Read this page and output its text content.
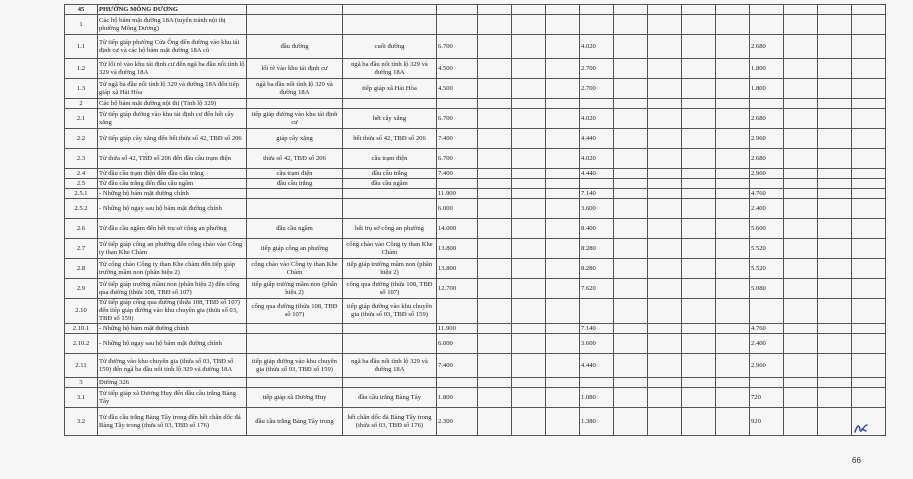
45	PHƯỜNG MÔNG DƯƠNG															
1	Các hộ bám mặt đường 18A (tuyến tránh nội thị phường Mông Dương)															
1.1	Từ tiếp giáp phường Cửa Ông đến đường vào khu tái định cư và các hộ bám mặt đường 18A cũ	đầu đường	cuối đường	6.700				4.020					2.680			
1.2	Từ lối rẽ vào khu tái định cư đến ngã ba đầu nối tỉnh lộ 329 và đường 18A	lối rẽ vào khu tái định cư	ngã ba đầu nối tỉnh lộ 329 và đường 18A	4.500				2.700					1.800			
1.3	Từ ngã ba đầu nối tỉnh lộ 329 và đường 18A đến tiếp giáp xã Hải Hòa	ngã ba đầu nối tỉnh lộ 329 và đường 18A	tiếp giáp xã Hải Hòa	4.500				2.700					1.800			
2	Các hộ bám mặt đường nội thị (Tỉnh lộ 329)															
2.1	Từ tiếp giáp đường vào khu tái định cư đến hết cây xăng	tiếp giáp đường vào khu tái định cư	hết cây xăng	6.700				4.020					2.680			
2.2	Từ tiếp giáp cây xăng đến hết thửa số 42, TBĐ số 206	giáp cây xăng	hết thửa số 42, TBĐ số 206	7.400				4.440					2.960			
2.3	Từ thửa số 42, TBĐ số 206 đến đầu cầu trạm điện	thửa số 42, TBĐ số 206	cầu trạm điện	6.700				4.020					2.680			
2.4	Từ đầu cầu trạm điện đến đầu cầu trắng	cầu trạm điện	đầu cầu trắng	7.400				4.440					2.960			
2.5	Từ đầu cầu trắng đến đầu cầu ngầm	đầu cầu trắng	đầu cầu ngầm													
2.5.1	- Những hộ bám mặt đường chính			11.900				7.140					4.760			
2.5.2	- Những hộ ngay sau hộ bám mặt đường chính			6.000				3.600					2.400			
2.6	Từ đầu cầu ngầm đến hết trụ sở công an phường	đầu cầu ngầm	hết trụ sở công an phường	14.000				8.400					5.600			
2.7	Từ tiếp giáp công an phường đến cổng chào vào Công ty than Khe Chàm	tiếp giáp công an phường	cổng chào vào Công ty than Khe Chàm	13.800				8.280					5.520			
2.8	Từ cổng chào Công ty than Khe chàm đến tiếp giáp trường mầm non (phân hiệu 2)	cổng chào vào Công ty than Khe Chàm	tiếp giáp trường mầm non (phân hiệu 2)	13.800				8.280					5.520			
2.9	Từ tiếp giáp trường mầm non (phân hiệu 2) đến cống qua đường (thửa 108, TBĐ số 107)	tiếp giáp trường mầm non (phân hiệu 2)	cống qua đường (thửa 108, TBĐ số 107)	12.700				7.620					5.080			
2.10	Từ tiếp giáp cống qua đường (thửa 108, TBĐ số 107) đến tiếp giáp đường vào khu chuyên gia (thửa số 03, TBĐ số 159)	cống qua đường (thửa 108, TBĐ số 107)	tiếp giáp đường vào khu chuyên gia (thửa số 03, TBĐ số 159)													
2.10.1	- Những hộ bám mặt đường chính			11.900				7.140					4.760			
2.10.2	- Những hộ ngay sau hộ bám mặt đường chính			6.000				3.600					2.400			
2.11	Từ đường vào khu chuyên gia (thửa số 03, TBĐ số 159) đến ngã ba đầu nối tỉnh lộ 329 và đường 18A	tiếp giáp đường vào khu chuyên gia (thửa số 03, TBĐ số 159)	ngã ba đầu nối tỉnh lộ 329 và đường 18A	7.400				4.440					2.960			
3	Đường 326															
3.1	Từ tiếp giáp xã Dương Huy đến đầu cầu trắng Bàng Tây	tiếp giáp xã Dương Huy	đầu cầu trắng Bàng Tây	1.800				1.080					720			
3.2	Từ đầu cầu trắng Bàng Tây trong đến hết chân dốc đá Bàng Tây trong (thửa số 03, TBĐ số 176)	đầu cầu trắng Bàng Tây trong	hết chân dốc đá Bàng Tây trong (thửa số 03, TBĐ số 176)	2.300				1.380					920			
66
